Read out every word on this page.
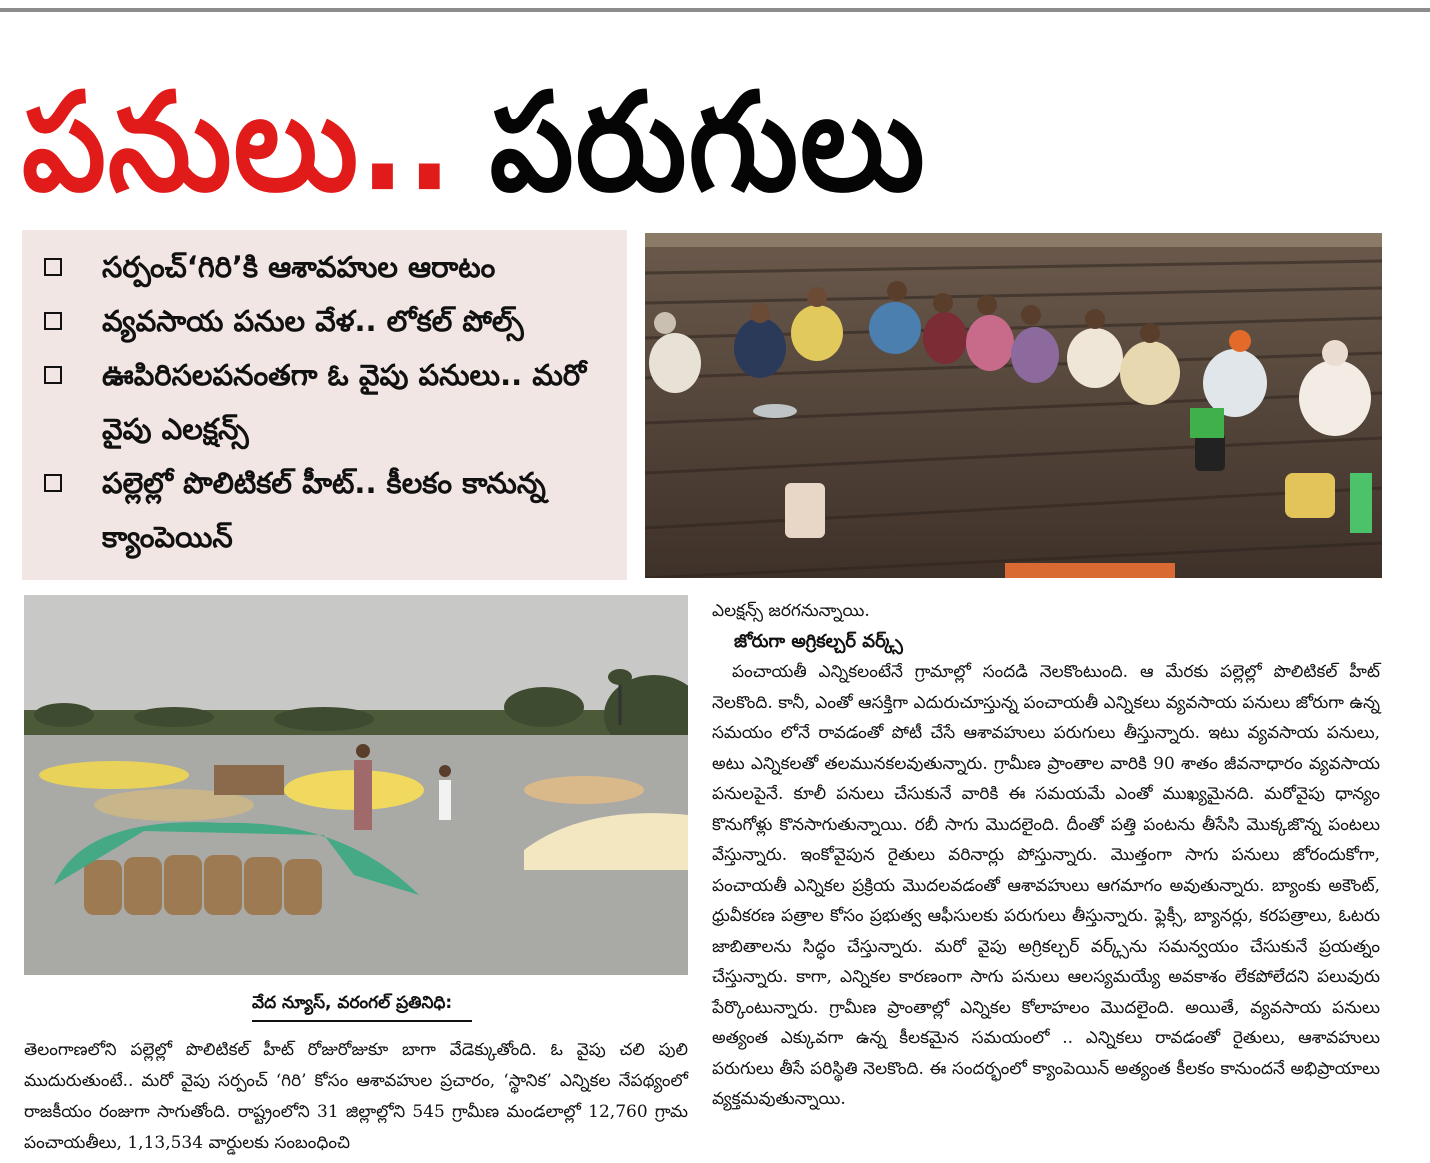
పనులు.. పరుగులు
సర్పంచ్‘గిరి’కి ఆశావహుల ఆరాటం
వ్యవసాయ పనుల వేళ.. లోకల్ పోల్స్
ఊపిరిసలపనంతగా ఓ వైపు పనులు.. మరో వైపు ఎలక్షన్స్
పల్లెల్లో పొలిటికల్ హీట్.. కీలకం కానున్న క్యాంపెయిన్
వేద న్యూస్, వరంగల్ ప్రతినిధి:
తెలంగాణలోని పల్లెల్లో పొలిటికల్ హీట్ రోజురోజుకూ బాగా వేడెక్కుతోంది. ఓ వైపు చలి పులి ముదురుతుంటే.. మరో వైపు సర్పంచ్ ‘గిరి’ కోసం ఆశావహుల ప్రచారం, ‘స్థానిక’ ఎన్నికల నేపథ్యంలో రాజకీయం రంజుగా సాగుతోంది. రాష్ట్రంలోని 31 జిల్లాల్లోని 545 గ్రామీణ మండలాల్లో 12,760 గ్రామ పంచాయతీలు, 1,13,534 వార్డులకు సంబంధించి

ఎలక్షన్స్ జరగనున్నాయి.

జోరుగా అగ్రికల్చర్ వర్క్స్

పంచాయతీ ఎన్నికలంటేనే గ్రామాల్లో సందడి నెలకొంటుంది. ఆ మేరకు పల్లెల్లో పొలిటికల్ హీట్ నెలకొంది. కానీ, ఎంతో ఆసక్తిగా ఎదురుచూస్తున్న పంచాయతీ ఎన్నికలు వ్యవసాయ పనులు జోరుగా ఉన్న సమయం లోనే రావడంతో పోటీ చేసే ఆశావహులు పరుగులు తీస్తున్నారు. ఇటు వ్యవసాయ పనులు, అటు ఎన్నికలతో తలమునకలవుతున్నారు. గ్రామీణ ప్రాంతాల వారికి 90 శాతం జీవనాధారం వ్యవసాయ పనులపైనే. కూలీ పనులు చేసుకునే వారికి ఈ సమయమే ఎంతో ముఖ్యమైనది. మరోవైపు ధాన్యం కొనుగోళ్లు కొనసాగుతున్నాయి. రబీ సాగు మొదలైంది. దీంతో పత్తి పంటను తీసేసి మొక్కజొన్న పంటలు వేస్తున్నారు. ఇంకోవైపున రైతులు వరినార్లు పోస్తున్నారు. మొత్తంగా సాగు పనులు జోరందుకోగా, పంచాయతీ ఎన్నికల ప్రక్రియ మొదలవడంతో ఆశావహులు ఆగమాగం అవుతున్నారు. బ్యాంకు అకౌంట్, ధ్రువీకరణ పత్రాల కోసం ప్రభుత్వ ఆఫీసులకు పరుగులు తీస్తున్నారు. ఫ్లెక్సీ, బ్యానర్లు, కరపత్రాలు, ఓటరు జాబితాలను సిద్ధం చేస్తున్నారు. మరో వైపు అగ్రికల్చర్ వర్క్స్‌ను సమన్వయం చేసుకునే ప్రయత్నం చేస్తున్నారు. కాగా, ఎన్నికల కారణంగా సాగు పనులు ఆలస్యమయ్యే అవకాశం లేకపోలేదని పలువురు పేర్కొంటున్నారు. గ్రామీణ ప్రాంతాల్లో ఎన్నికల కోలాహలం మొదలైంది. అయితే, వ్యవసాయ పనులు అత్యంత ఎక్కువగా ఉన్న కీలకమైన సమయంలో .. ఎన్నికలు రావడంతో రైతులు, ఆశావహులు పరుగులు తీసే పరిస్థితి నెలకొంది. ఈ సందర్భంలో క్యాంపెయిన్ అత్యంత కీలకం కానుందనే అభిప్రాయాలు వ్యక్తమవుతున్నాయి.
